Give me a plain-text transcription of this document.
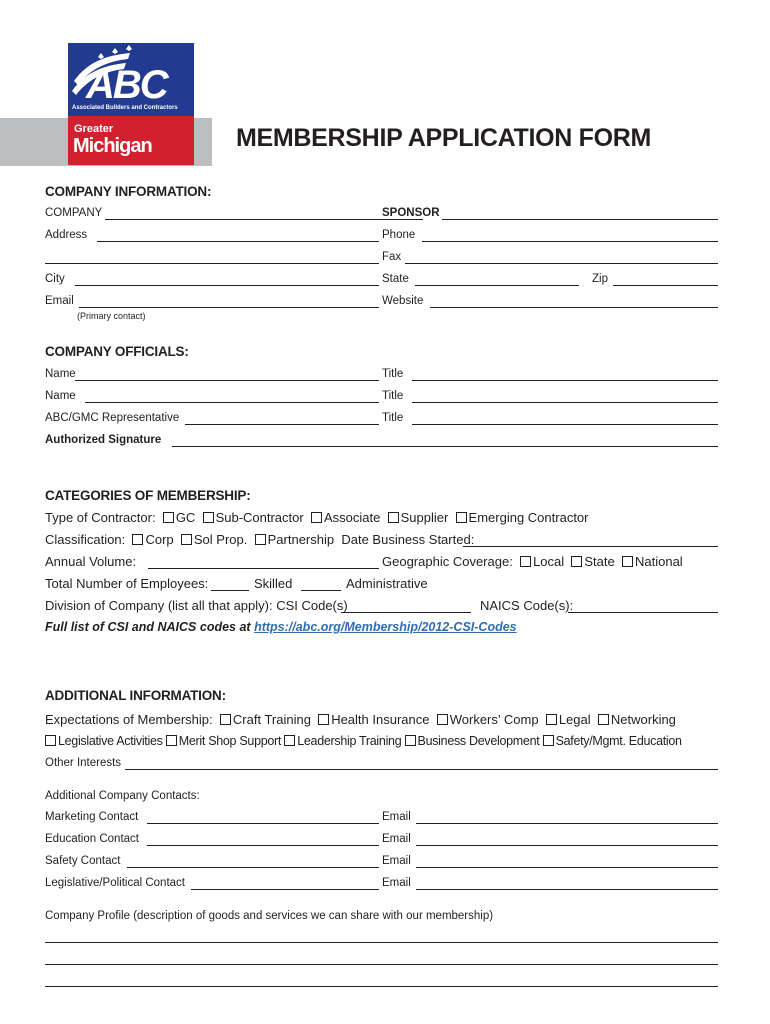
MEMBERSHIP APPLICATION FORM
ABC
Associated Builders and Contractors
Greater
Michigan
COMPANY INFORMATION:
COMPANY	SPONSOR
Address	Phone
Fax
City	State	Zip
Email	Website
(Primary contact)
COMPANY OFFICIALS:
Name	Title
Name	Title
ABC/GMC Representative	Title
Authorized Signature
CATEGORIES OF MEMBERSHIP:
Type of Contractor: GC Sub-Contractor Associate Supplier Emerging Contractor
Classification: Corp Sol Prop. Partnership  Date Business Started:
Annual Volume:	Geographic Coverage: Local State National
Total Number of Employees:	Skilled	Administrative
Division of Company (list all that apply): CSI Code(s)	NAICS Code(s):
Full list of CSI and NAICS codes at https://abc.org/Membership/2012-CSI-Codes
ADDITIONAL INFORMATION:
Expectations of Membership: Craft Training Health Insurance Workers’ Comp Legal Networking
Legislative Activities Merit Shop Support Leadership Training Business Development Safety/Mgmt. Education
Other Interests
Additional Company Contacts:
Marketing Contact	Email
Education Contact	Email
Safety Contact	Email
Legislative/Political Contact	Email
Company Profile (description of goods and services we can share with our membership)
